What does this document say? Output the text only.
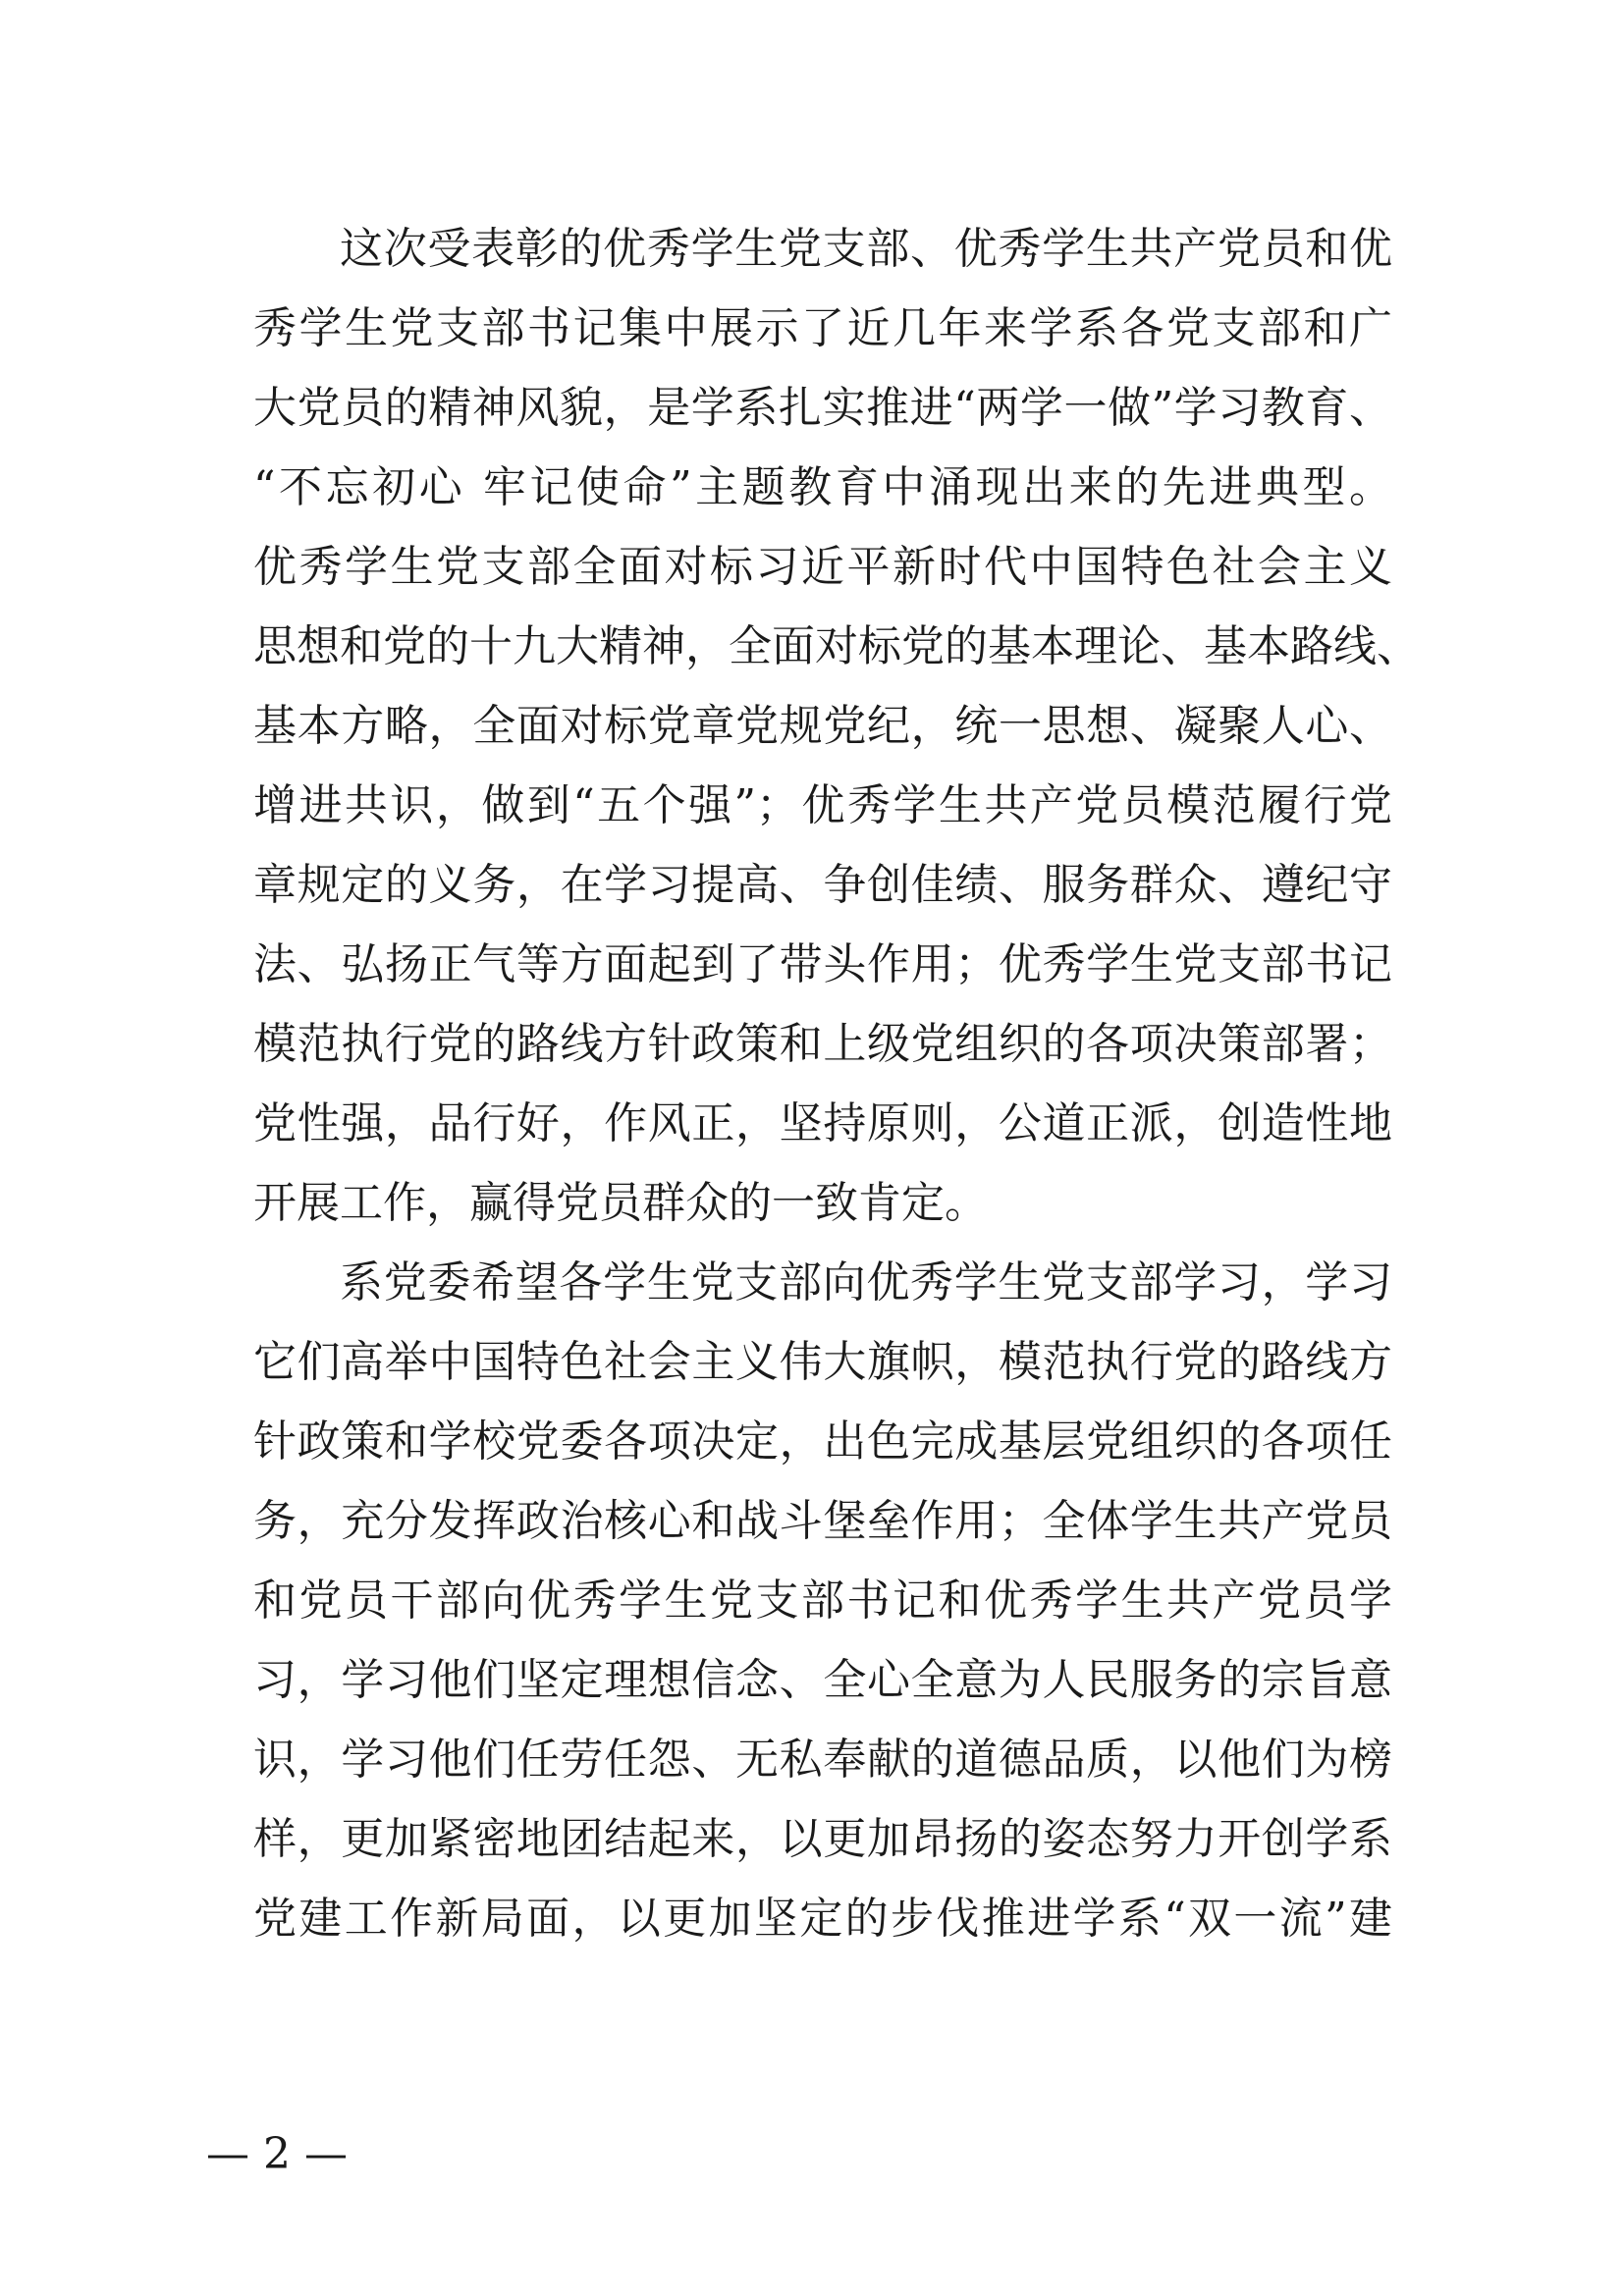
这次受表彰的优秀学生党支部、优秀学生共产党员和优
秀学生党支部书记集中展示了近几年来学系各党支部和广
大党员的精神风貌，是学系扎实推进“两学一做”学习教育、
“不忘初心 牢记使命”主题教育中涌现出来的先进典型。
优秀学生党支部全面对标习近平新时代中国特色社会主义
思想和党的十九大精神，全面对标党的基本理论、基本路线、
基本方略，全面对标党章党规党纪，统一思想、凝聚人心、
增进共识，做到“五个强”；优秀学生共产党员模范履行党
章规定的义务，在学习提高、争创佳绩、服务群众、遵纪守
法、弘扬正气等方面起到了带头作用；优秀学生党支部书记
模范执行党的路线方针政策和上级党组织的各项决策部署；
党性强，品行好，作风正，坚持原则，公道正派，创造性地
开展工作，赢得党员群众的一致肯定。
系党委希望各学生党支部向优秀学生党支部学习，学习
它们高举中国特色社会主义伟大旗帜，模范执行党的路线方
针政策和学校党委各项决定，出色完成基层党组织的各项任
务，充分发挥政治核心和战斗堡垒作用；全体学生共产党员
和党员干部向优秀学生党支部书记和优秀学生共产党员学
习，学习他们坚定理想信念、全心全意为人民服务的宗旨意
识，学习他们任劳任怨、无私奉献的道德品质，以他们为榜
样，更加紧密地团结起来，以更加昂扬的姿态努力开创学系
党建工作新局面，以更加坚定的步伐推进学系“双一流”建
— 2 —
